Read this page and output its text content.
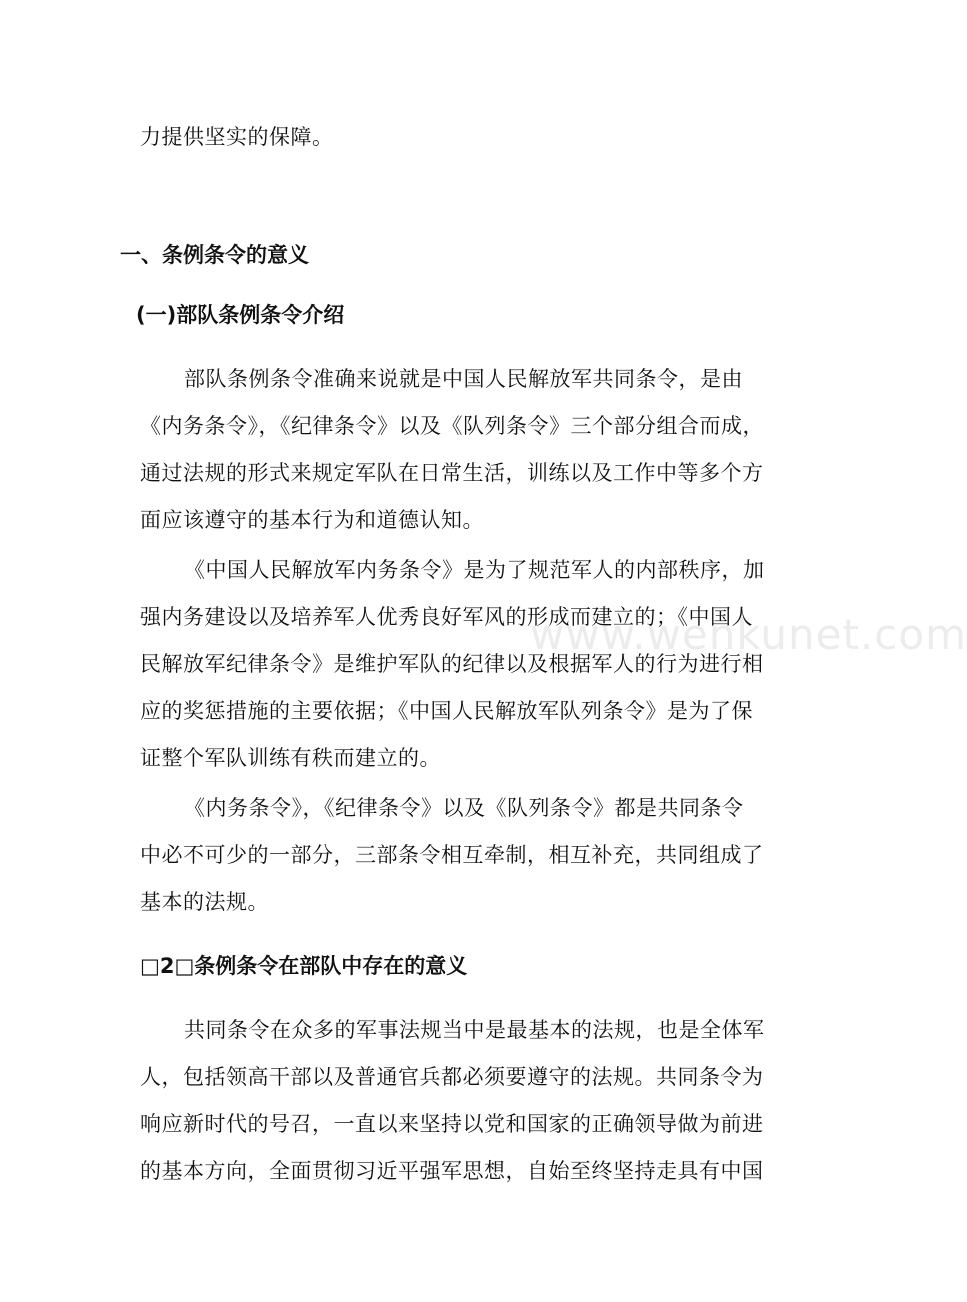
力提供坚实的保障。
一、条例条令的意义
(一)部队条例条令介绍
部队条例条令准确来说就是中国人民解放军共同条令，是由
《内务条令》，《纪律条令》以及《队列条令》三个部分组合而成，
通过法规的形式来规定军队在日常生活，训练以及工作中等多个方
面应该遵守的基本行为和道德认知。
《中国人民解放军内务条令》是为了规范军人的内部秩序，加
强内务建设以及培养军人优秀良好军风的形成而建立的；《中国人
民解放军纪律条令》是维护军队的纪律以及根据军人的行为进行相
应的奖惩措施的主要依据；《中国人民解放军队列条令》是为了保
证整个军队训练有秩而建立的。
《内务条令》，《纪律条令》以及《队列条令》都是共同条令
中必不可少的一部分，三部条令相互牵制，相互补充，共同组成了
基本的法规。
□2□条例条令在部队中存在的意义
共同条令在众多的军事法规当中是最基本的法规，也是全体军
人，包括领高干部以及普通官兵都必须要遵守的法规。共同条令为
响应新时代的号召，一直以来坚持以党和国家的正确领导做为前进
的基本方向，全面贯彻习近平强军思想，自始至终坚持走具有中国
www.wenkunet.com
